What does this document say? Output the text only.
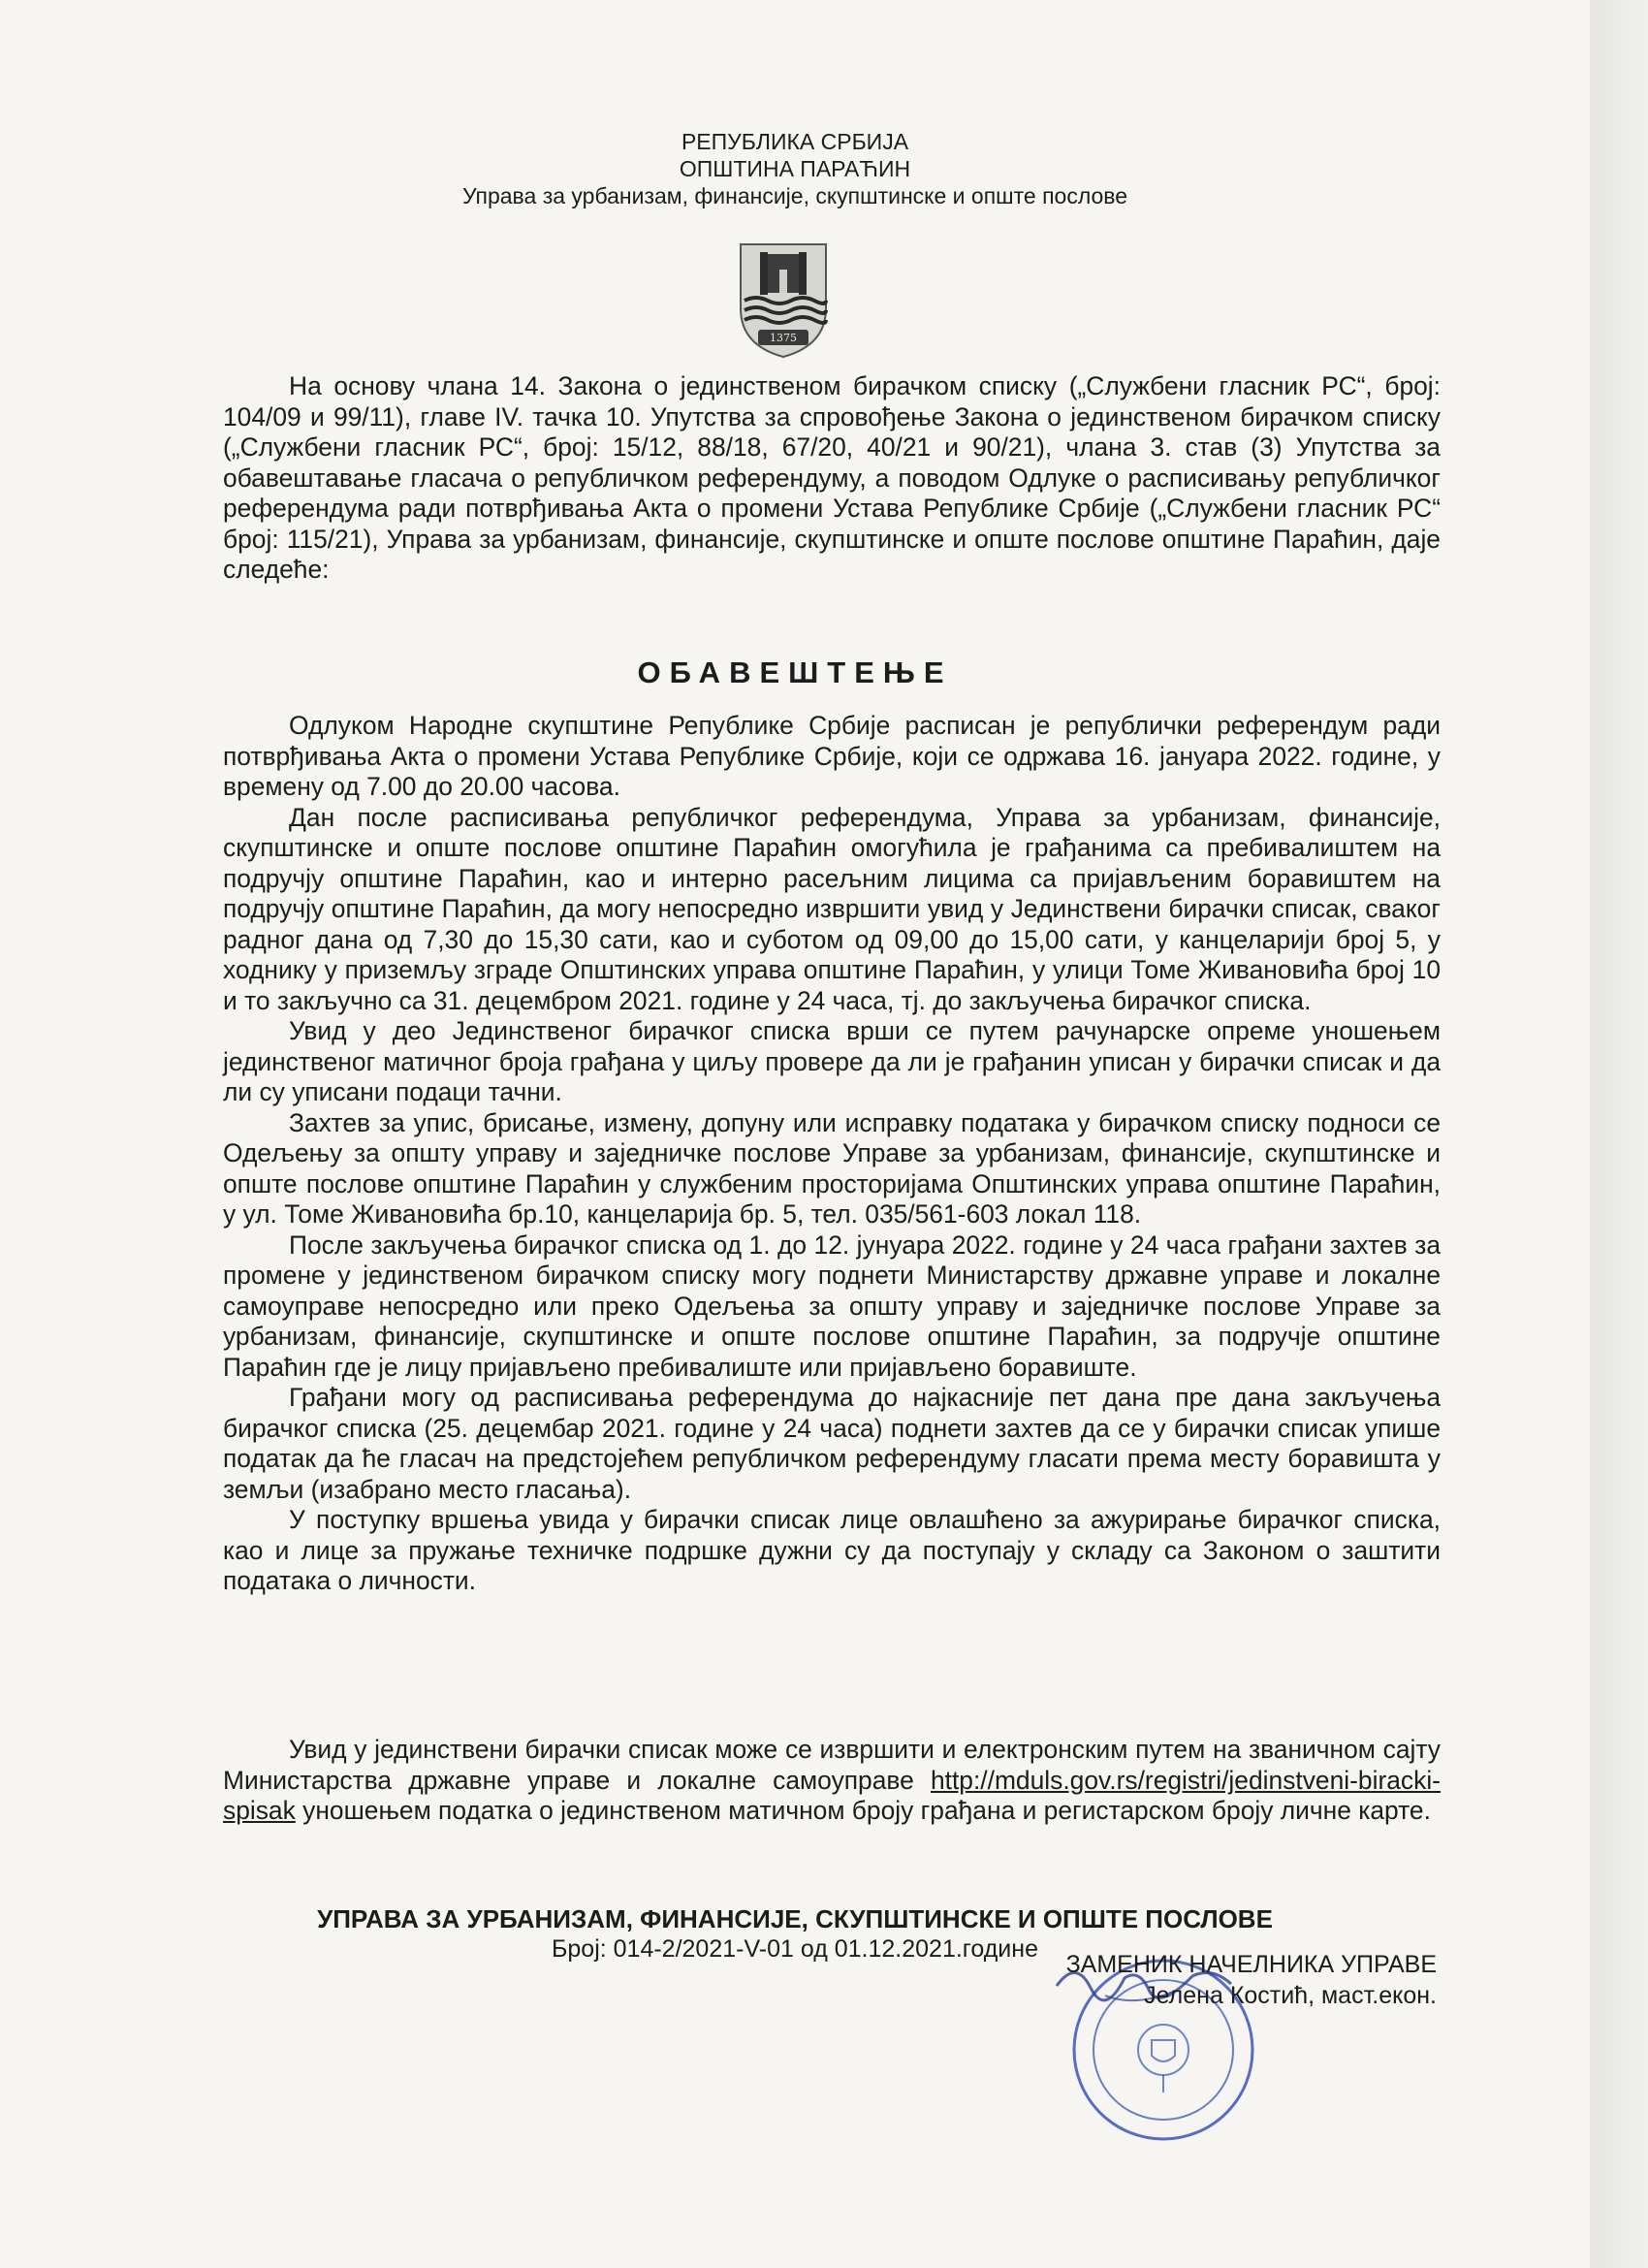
РЕПУБЛИКА СРБИЈА
ОПШТИНА ПАРАЋИН
Управа за урбанизам, финансије, скупштинске и опште послове
1375

На основу члана 14. Закона о јединственом бирачком списку („Службени гласник РС“, број: 104/09 и 99/11), главе IV. тачка 10. Упутства за спровођење Закона о јединственом бирачком списку („Службени гласник РС“, број: 15/12, 88/18, 67/20, 40/21 и 90/21), члана 3. став (3) Упутства за обавештавање гласача о републичком референдуму, а поводом Одлуке о расписивању републичког референдума ради потврђивања Акта о промени Устава Републике Србије („Службени гласник РС“ број: 115/21), Управа за урбанизам, финансије, скупштинске и опште послове општине Параћин, даје следеће:

ОБАВЕШТЕЊЕ

Одлуком Народне скупштине Републике Србије расписан је републички референдум ради потврђивања Акта о промени Устава Републике Србије, који се одржава 16. јануара 2022. године, у времену од 7.00 до 20.00 часова.

Дан после расписивања републичког референдума, Управа за урбанизам, финансије, скупштинске и опште послове општине Параћин омогућила је грађанима са пребивалиштем на подручју општине Параћин, као и интерно расељним лицима са пријављеним боравиштем на подручју општине Параћин, да могу непосредно извршити увид у Јединствени бирачки списак, сваког радног дана од 7,30 до 15,30 сати, као и суботом од 09,00 до 15,00 сати, у канцеларији број 5, у ходнику у приземљу зграде Општинских управа општине Параћин, у улици Томе Живановића број 10 и то закључно са 31. децембром 2021. године у 24 часа, тј. до закључења бирачког списка.

Увид у део Јединственог бирачког списка врши се путем рачунарске опреме уношењем јединственог матичног броја грађана у циљу провере да ли је грађанин уписан у бирачки списак и да ли су уписани подаци тачни.

Захтев за упис, брисање, измену, допуну или исправку података у бирачком списку подноси се Одељењу за општу управу и заједничке послове Управе за урбанизам, финансије, скупштинске и опште послове општине Параћин у службеним просторијама Општинских управа општине Параћин, у ул. Томе Живановића бр.10, канцеларија бр. 5, тел. 035/561-603 локал 118.

После закључења бирачког списка од 1. до 12. јунуара 2022. године у 24 часа грађани захтев за промене у јединственом бирачком списку могу поднети Министарству државне управе и локалне самоуправе непосредно или преко Одељења за општу управу и заједничке послове Управе за урбанизам, финансије, скупштинске и опште послове општине Параћин, за подручје општине Параћин где је лицу пријављено пребивалиште или пријављено боравиште.

Грађани могу од расписивања референдума до најкасније пет дана пре дана закључења бирачког списка (25. децембар 2021. године у 24 часа) поднети захтев да се у бирачки списак упише податак да ће гласач на предстојећем републичком референдуму гласати према месту боравишта у земљи (изабрано место гласања).

У поступку вршења увида у бирачки списак лице овлашћено за ажурирање бирачког списка, као и лице за пружање техничке подршке дужни су да поступају у складу са Законом о заштити података о личности.

Увид у јединствени бирачки списак може се извршити и електронским путем на званичном сајту Министарства државне управе и локалне самоуправе http://mduls.gov.rs/registri/jedinstveni-biracki-spisak уношењем податка о јединственом матичном броју грађана и регистарском броју личне карте.

УПРАВА ЗА УРБАНИЗАМ, ФИНАНСИЈЕ, СКУПШТИНСКЕ И ОПШТЕ ПОСЛОВЕ
Број: 014-2/2021-V-01 од 01.12.2021.године
ЗАМЕНИК НАЧЕЛНИКА УПРАВЕ
Јелена Костић, маст.екон.
